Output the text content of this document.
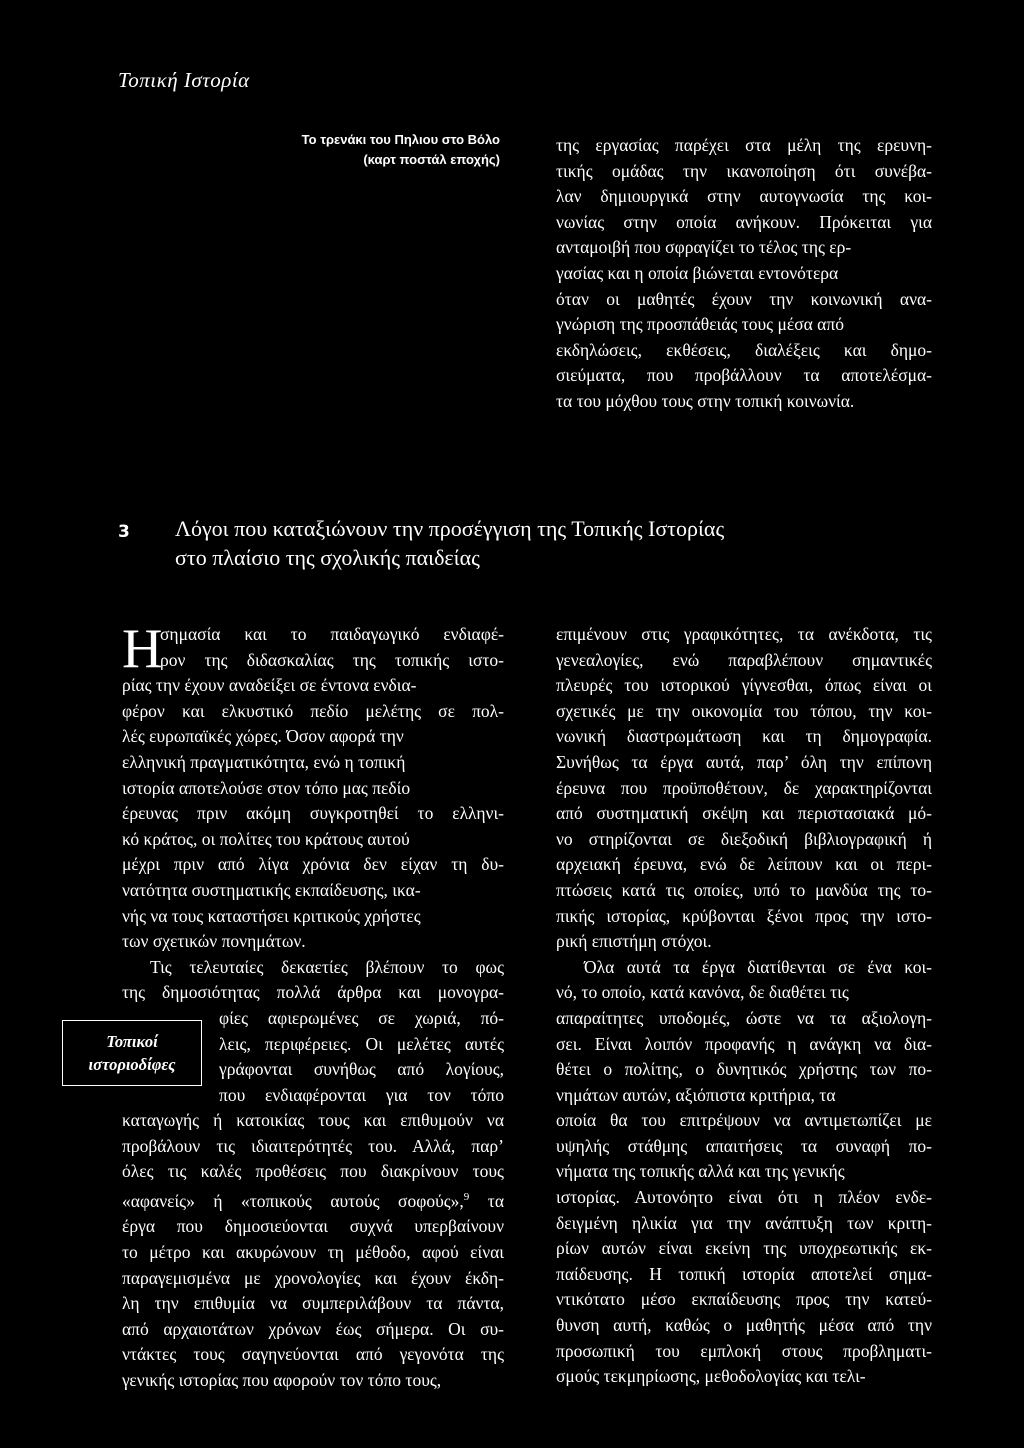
Τοπική Ιστορία
Το τρενάκι του Πηλιου στο Βόλο
(καρτ ποστάλ εποχής)
της εργασίας παρέχει στα μέλη της ερευνη-
τικής ομάδας την ικανοποίηση ότι συνέβα-
λαν δημιουργικά στην αυτογνωσία της κοι-
νωνίας στην οποία ανήκουν. Πρόκειται για
ανταμοιβή που σφραγίζει το τέλος της ερ-
γασίας και η οποία βιώνεται εντονότερα
όταν οι μαθητές έχουν την κοινωνική ανα-
γνώριση της προσπάθειάς τους μέσα από
εκδηλώσεις, εκθέσεις, διαλέξεις και δημο-
σιεύματα, που προβάλλουν τα αποτελέσμα-
τα του μόχθου τους στην τοπική κοινωνία.
3 Λόγοι που καταξιώνουν την προσέγγιση της Τοπικής Ιστορίας
στο πλαίσιο της σχολικής παιδείας
Η
σημασία και το παιδαγωγικό ενδιαφέ-
ρον της διδασκαλίας της τοπικής ιστο-
ρίας την έχουν αναδείξει σε έντονα ενδια-
φέρον και ελκυστικό πεδίο μελέτης σε πολ-
λές ευρωπαϊκές χώρες. Όσον αφορά την
ελληνική πραγματικότητα, ενώ η τοπική
ιστορία αποτελούσε στον τόπο μας πεδίο
έρευνας πριν ακόμη συγκροτηθεί το ελληνι-
κό κράτος, οι πολίτες του κράτους αυτού
μέχρι πριν από λίγα χρόνια δεν είχαν τη δυ-
νατότητα συστηματικής εκπαίδευσης, ικα-
νής να τους καταστήσει κριτικούς χρήστες
των σχετικών πονημάτων.
Τις τελευταίες δεκαετίες βλέπουν το φως
της δημοσιότητας πολλά άρθρα και μονογρα-
φίες αφιερωμένες σε χωριά, πό-
λεις, περιφέρειες. Οι μελέτες αυτές
γράφονται συνήθως από λογίους,
που ενδιαφέρονται για τον τόπο
καταγωγής ή κατοικίας τους και επιθυμούν να
προβάλουν τις ιδιαιτερότητές του. Αλλά, παρ’
όλες τις καλές προθέσεις που διακρίνουν τους
«αφανείς» ή «τοπικούς αυτούς σοφούς»,$^9$ τα
έργα που δημοσιεύονται συχνά υπερβαίνουν
το μέτρο και ακυρώνουν τη μέθοδο, αφού είναι
παραγεμισμένα με χρονολογίες και έχουν έκδη-
λη την επιθυμία να συμπεριλάβουν τα πάντα,
από αρχαιοτάτων χρόνων έως σήμερα. Οι συ-
ντάκτες τους σαγηνεύονται από γεγονότα της
γενικής ιστορίας που αφορούν τον τόπο τους,
Τοπικοί
ιστοριοδίφες
επιμένουν στις γραφικότητες, τα ανέκδοτα, τις
γενεαλογίες, ενώ παραβλέπουν σημαντικές
πλευρές του ιστορικού γίγνεσθαι, όπως είναι οι
σχετικές με την οικονομία του τόπου, την κοι-
νωνική διαστρωμάτωση και τη δημογραφία.
Συνήθως τα έργα αυτά, παρ’ όλη την επίπονη
έρευνα που προϋποθέτουν, δε χαρακτηρίζονται
από συστηματική σκέψη και περιστασιακά μό-
νο στηρίζονται σε διεξοδική βιβλιογραφική ή
αρχειακή έρευνα, ενώ δε λείπουν και οι περι-
πτώσεις κατά τις οποίες, υπό το μανδύα της το-
πικής ιστορίας, κρύβονται ξένοι προς την ιστο-
ρική επιστήμη στόχοι.
Όλα αυτά τα έργα διατίθενται σε ένα κοι-
νό, το οποίο, κατά κανόνα, δε διαθέτει τις
απαραίτητες υποδομές, ώστε να τα αξιολογη-
σει. Είναι λοιπόν προφανής η ανάγκη να δια-
θέτει ο πολίτης, ο δυνητικός χρήστης των πο-
νημάτων αυτών, αξιόπιστα κριτήρια, τα
οποία θα του επιτρέψουν να αντιμετωπίζει με
υψηλής στάθμης απαιτήσεις τα συναφή πο-
νήματα της τοπικής αλλά και της γενικής
ιστορίας. Αυτονόητο είναι ότι η πλέον ενδε-
δειγμένη ηλικία για την ανάπτυξη των κριτη-
ρίων αυτών είναι εκείνη της υποχρεωτικής εκ-
παίδευσης. Η τοπική ιστορία αποτελεί σημα-
ντικότατο μέσο εκπαίδευσης προς την κατεύ-
θυνση αυτή, καθώς ο μαθητής μέσα από την
προσωπική του εμπλοκή στους προβληματι-
σμούς τεκμηρίωσης, μεθοδολογίας και τελι-
